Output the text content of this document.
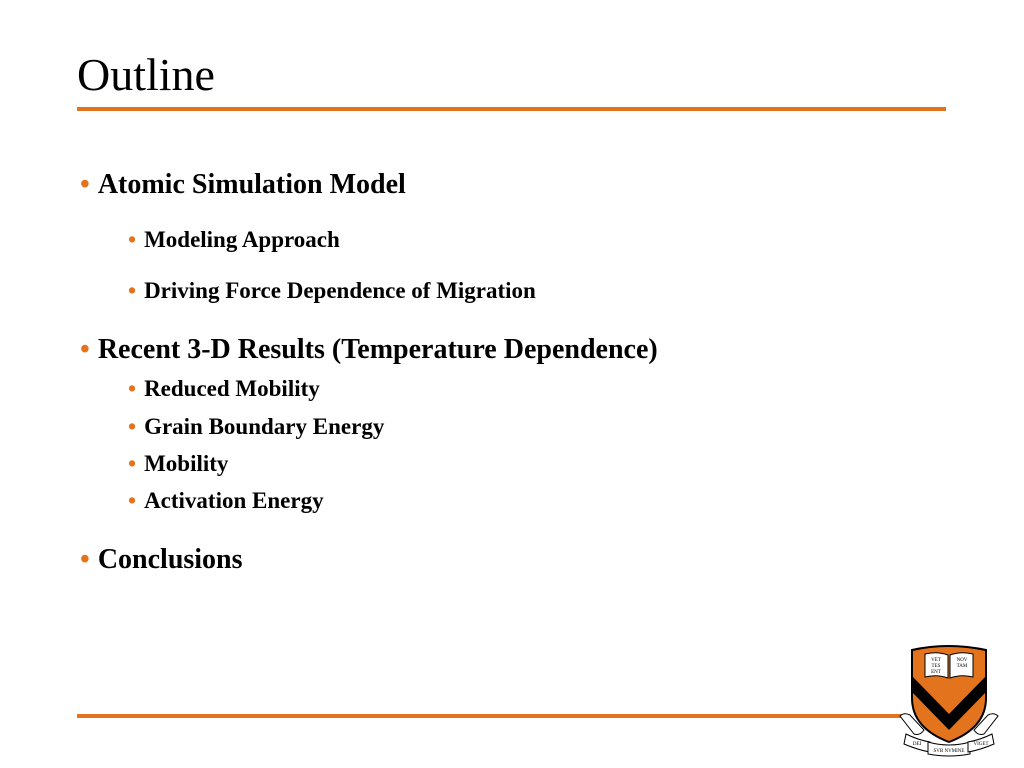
Outline
• Atomic Simulation Model
• Modeling Approach
• Driving Force Dependence of Migration
• Recent 3-D Results (Temperature Dependence)
• Reduced Mobility
• Grain Boundary Energy
• Mobility
• Activation Energy
• Conclusions
VET
TES
ENT
NOV
TAM
DEI
SVB NVMINE
VIGET
